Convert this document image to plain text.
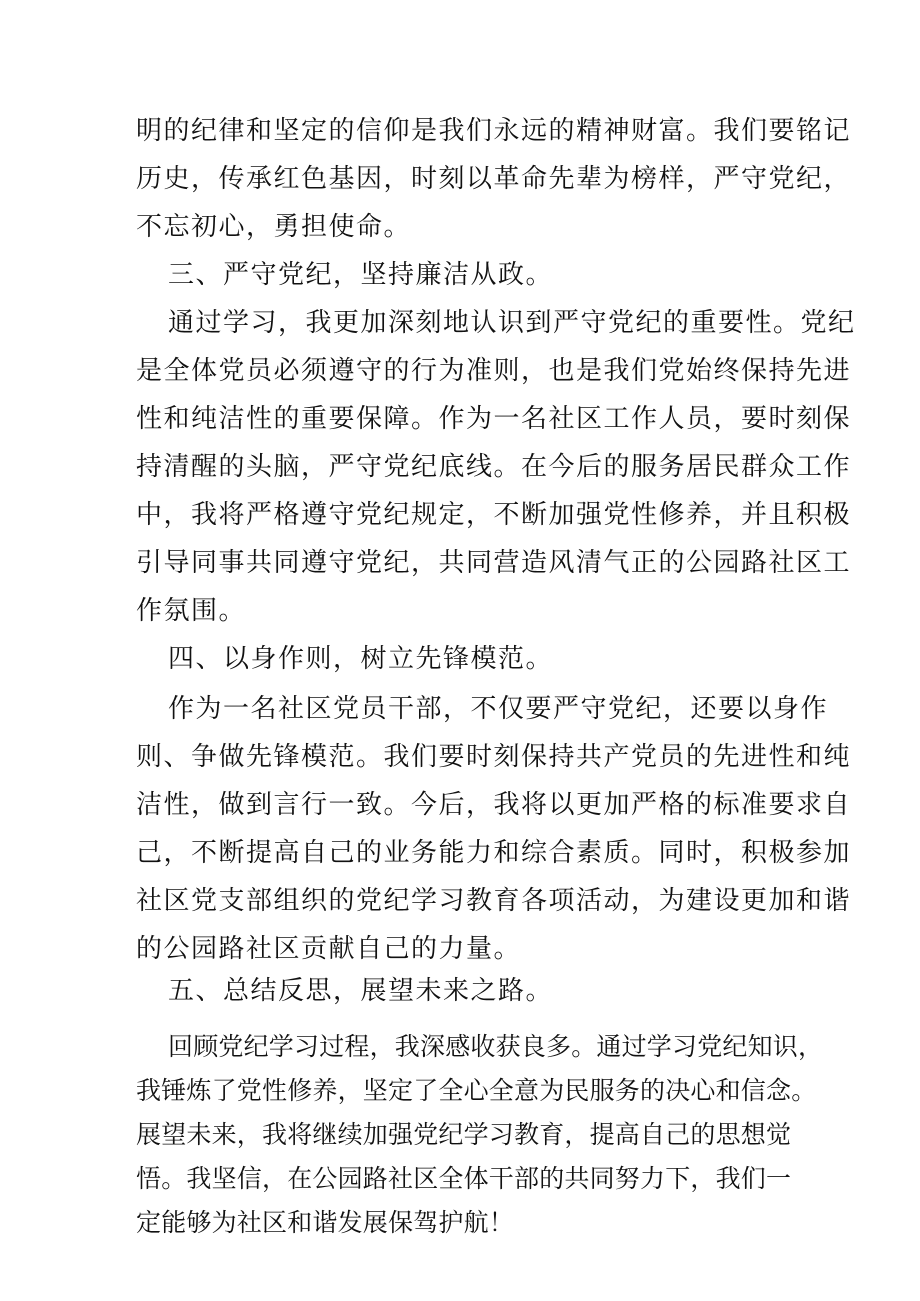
明的纪律和坚定的信仰是我们永远的精神财富。我们要铭记
历史，传承红色基因，时刻以革命先辈为榜样，严守党纪，
不忘初心，勇担使命。
三、严守党纪，坚持廉洁从政。
通过学习，我更加深刻地认识到严守党纪的重要性。党纪
是全体党员必须遵守的行为准则，也是我们党始终保持先进
性和纯洁性的重要保障。作为一名社区工作人员，要时刻保
持清醒的头脑，严守党纪底线。在今后的服务居民群众工作
中，我将严格遵守党纪规定，不断加强党性修养，并且积极
引导同事共同遵守党纪，共同营造风清气正的公园路社区工
作氛围。
四、以身作则，树立先锋模范。
作为一名社区党员干部，不仅要严守党纪，还要以身作
则、争做先锋模范。我们要时刻保持共产党员的先进性和纯
洁性，做到言行一致。今后，我将以更加严格的标准要求自
己，不断提高自己的业务能力和综合素质。同时，积极参加
社区党支部组织的党纪学习教育各项活动，为建设更加和谐
的公园路社区贡献自己的力量。
五、总结反思，展望未来之路。
回顾党纪学习过程，我深感收获良多。通过学习党纪知识，
我锤炼了党性修养，坚定了全心全意为民服务的决心和信念。
展望未来，我将继续加强党纪学习教育，提高自己的思想觉
悟。我坚信，在公园路社区全体干部的共同努力下，我们一
定能够为社区和谐发展保驾护航！
